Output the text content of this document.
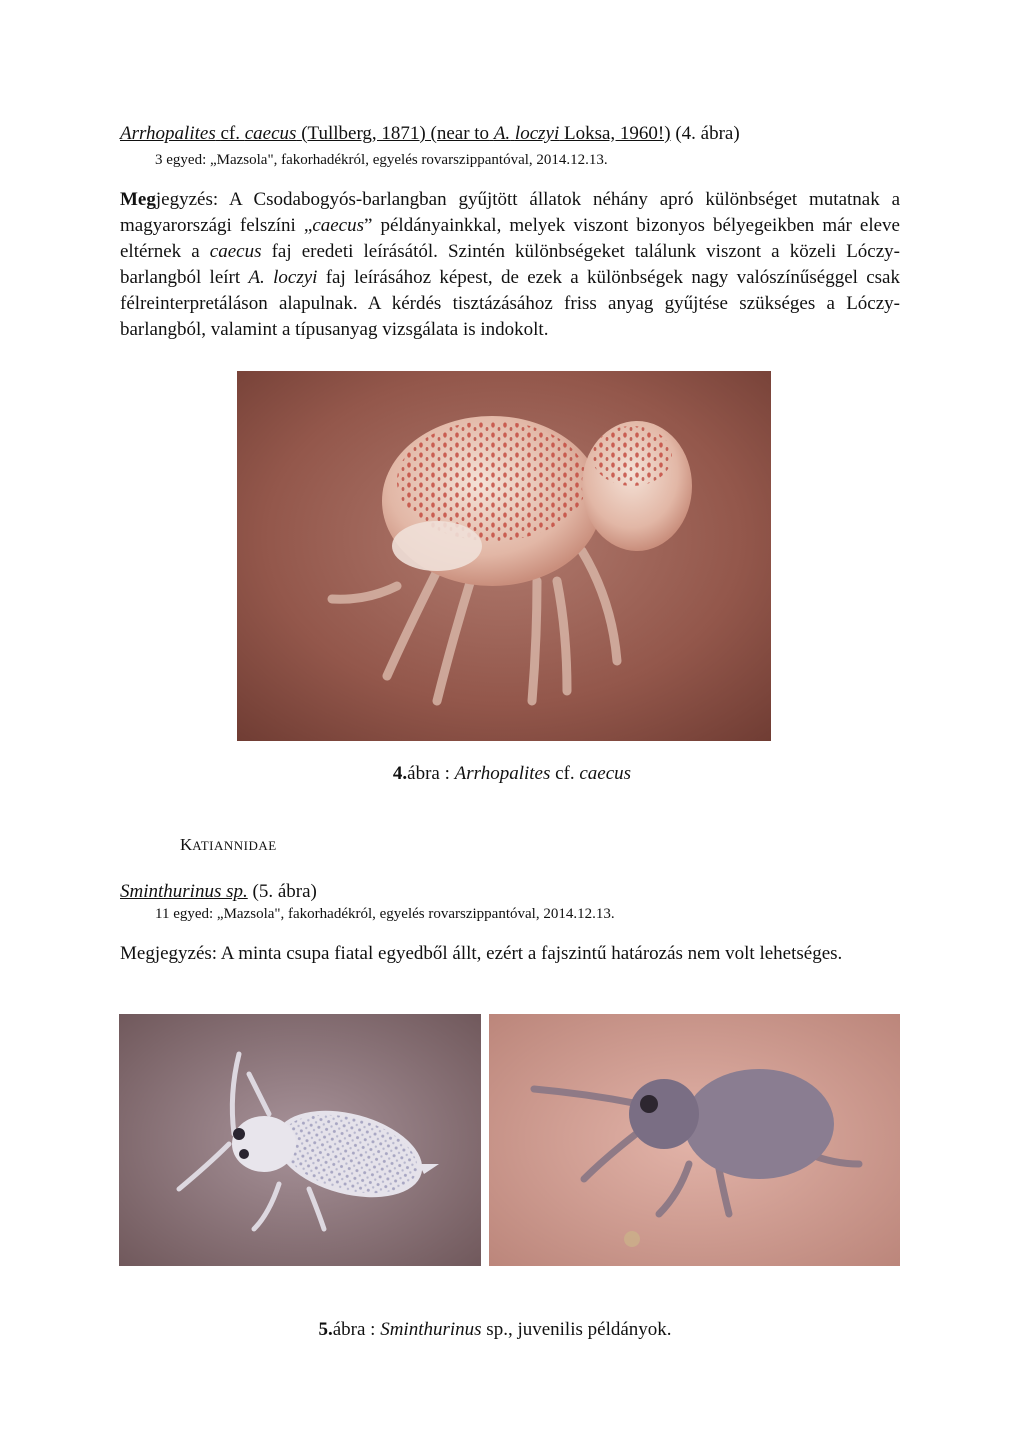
Arrhopalites cf. caecus (Tullberg, 1871) (near to A. loczyi Loksa, 1960!) (4. ábra)
3 egyed: „Mazsola", fakorhadékról, egyelés rovarszippantóval, 2014.12.13.
Megjegyzés: A Csodabogyós-barlangban gyűjtött állatok néhány apró különbséget mutatnak a magyarországi felszíni „caecus” példányainkkal, melyek viszont bizonyos bélyegeikben már eleve eltérnek a caecus faj eredeti leírásától. Szintén különbségeket találunk viszont a közeli Lóczy-barlangból leírt A. loczyi faj leírásához képest, de ezek a különbségek nagy valószínűséggel csak félreinterpretáláson alapulnak. A kérdés tisztázásához friss anyag gyűjtése szükséges a Lóczy-barlangból, valamint a típusanyag vizsgálata is indokolt.
4.ábra : Arrhopalites cf. caecus
KATIANNIDAE
Sminthurinus sp. (5. ábra)
11 egyed: „Mazsola", fakorhadékról, egyelés rovarszippantóval, 2014.12.13.
Megjegyzés: A minta csupa fiatal egyedből állt, ezért a fajszintű határozás nem volt lehetséges.
5.ábra : Sminthurinus sp., juvenilis példányok.
